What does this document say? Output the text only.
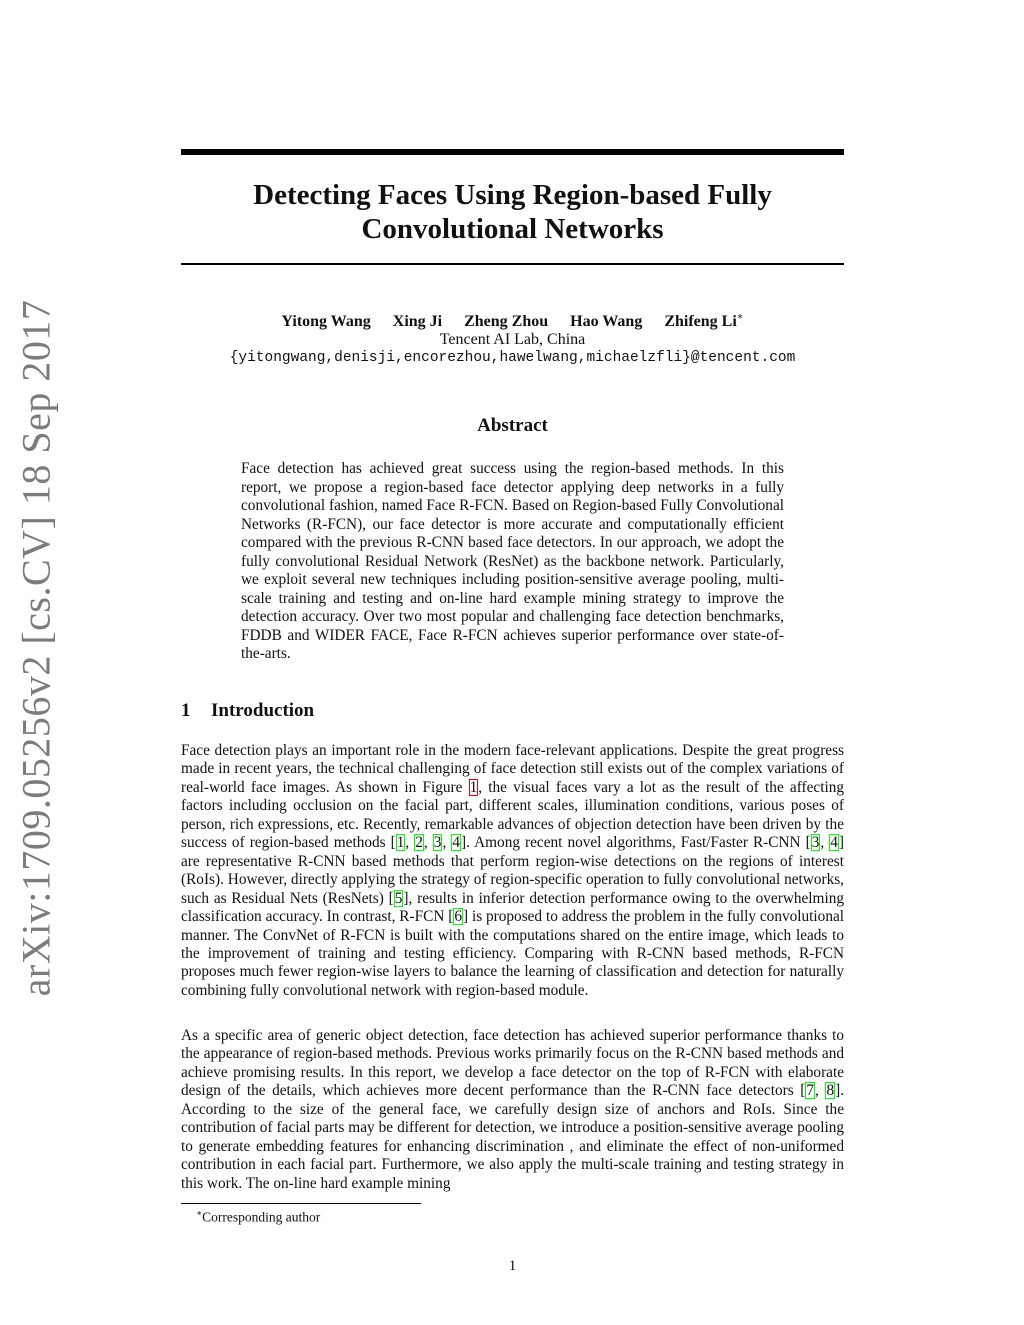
arXiv:1709.05256v2 [cs.CV] 18 Sep 2017
Detecting Faces Using Region-based Fully Convolutional Networks
Yitong Wang Xing Ji Zheng Zhou Hao Wang Zhifeng Li∗
Tencent AI Lab, China
{yitongwang,denisji,encorezhou,hawelwang,michaelzfli}@tencent.com
Abstract

Face detection has achieved great success using the region-based methods. In this report, we propose a region-based face detector applying deep networks in a fully convolutional fashion, named Face R-FCN. Based on Region-based Fully Convolutional Networks (R-FCN), our face detector is more accurate and computationally efficient compared with the previous R-CNN based face detectors. In our approach, we adopt the fully convolutional Residual Network (ResNet) as the backbone network. Particularly, we exploit several new techniques including position-sensitive average pooling, multi-scale training and testing and on-line hard example mining strategy to improve the detection accuracy. Over two most popular and challenging face detection benchmarks, FDDB and WIDER FACE, Face R-FCN achieves superior performance over state-of-the-arts.

1 Introduction

Face detection plays an important role in the modern face-relevant applications. Despite the great progress made in recent years, the technical challenging of face detection still exists out of the complex variations of real-world face images. As shown in Figure 1, the visual faces vary a lot as the result of the affecting factors including occlusion on the facial part, different scales, illumination conditions, various poses of person, rich expressions, etc. Recently, remarkable advances of objection detection have been driven by the success of region-based methods [1, 2, 3, 4]. Among recent novel algorithms, Fast/Faster R-CNN [3, 4] are representative R-CNN based methods that perform region-wise detections on the regions of interest (RoIs). However, directly applying the strategy of region-specific operation to fully convolutional networks, such as Residual Nets (ResNets) [5], results in inferior detection performance owing to the overwhelming classification accuracy. In contrast, R-FCN [6] is proposed to address the problem in the fully convolutional manner. The ConvNet of R-FCN is built with the computations shared on the entire image, which leads to the improvement of training and testing efficiency. Comparing with R-CNN based methods, R-FCN proposes much fewer region-wise layers to balance the learning of classification and detection for naturally combining fully convolutional network with region-based module.

As a specific area of generic object detection, face detection has achieved superior performance thanks to the appearance of region-based methods. Previous works primarily focus on the R-CNN based methods and achieve promising results. In this report, we develop a face detector on the top of R-FCN with elaborate design of the details, which achieves more decent performance than the R-CNN face detectors [7, 8]. According to the size of the general face, we carefully design size of anchors and RoIs. Since the contribution of facial parts may be different for detection, we introduce a position-sensitive average pooling to generate embedding features for enhancing discrimination , and eliminate the effect of non-uniformed contribution in each facial part. Furthermore, we also apply the multi-scale training and testing strategy in this work. The on-line hard example mining

∗Corresponding author
1
